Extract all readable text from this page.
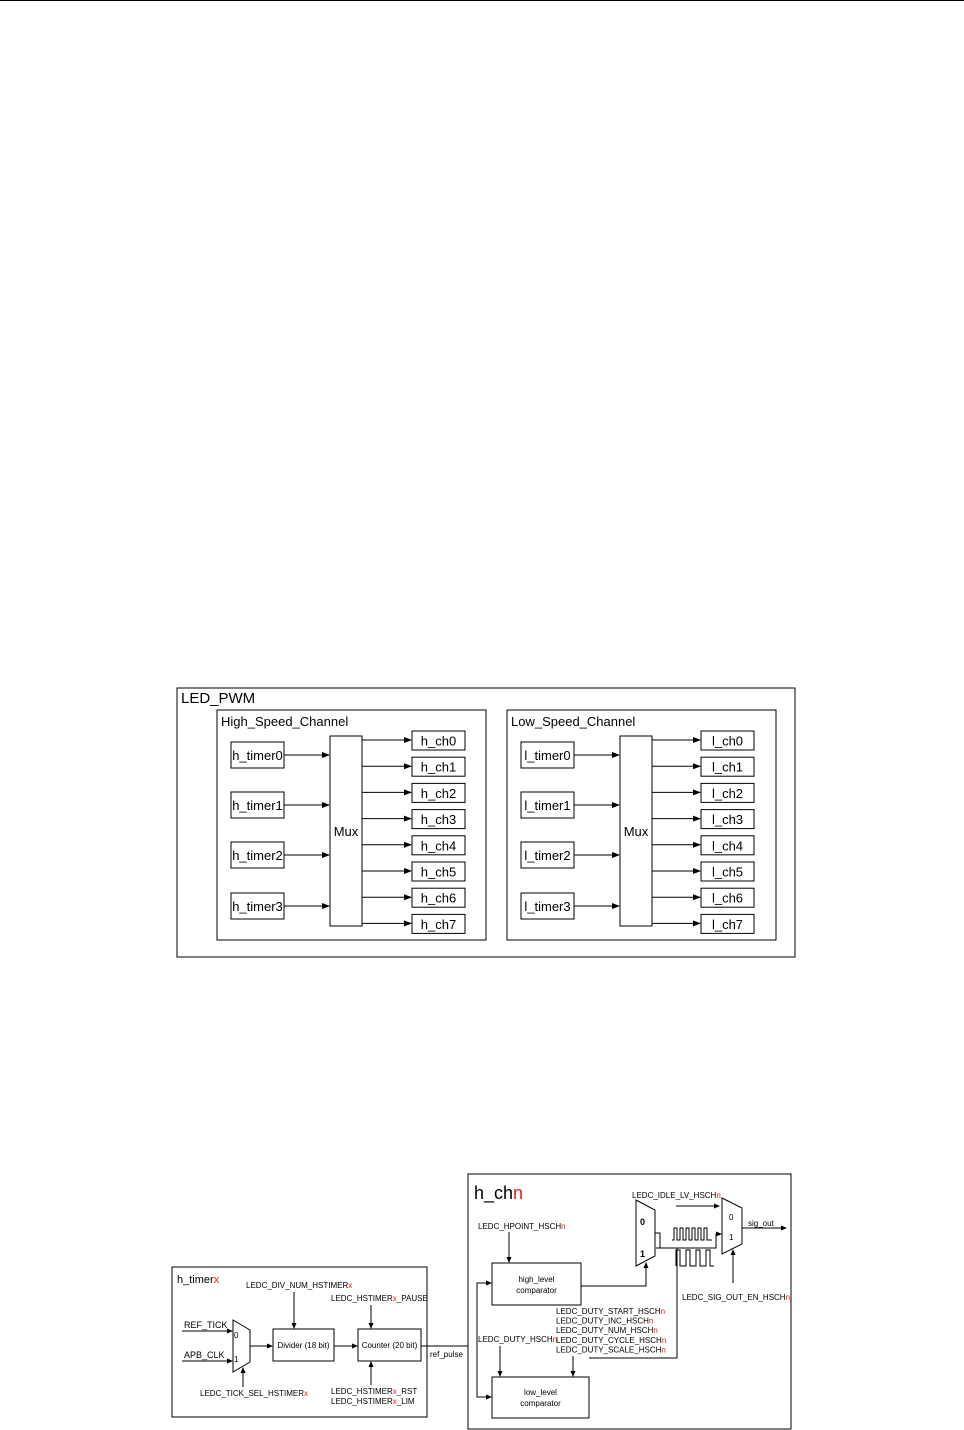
LED_PWM
High_Speed_Channel
h_timer0
h_timer1
h_timer2
h_timer3
Mux
h_ch0
h_ch1
h_ch2
h_ch3
h_ch4
h_ch5
h_ch6
h_ch7
Low_Speed_Channel
l_timer0
l_timer1
l_timer2
l_timer3
Mux
l_ch0
l_ch1
l_ch2
l_ch3
l_ch4
l_ch5
l_ch6
l_ch7
h_timerx
0
1
REF_TICK
APB_CLK
LEDC_TICK_SEL_HSTIMERx
Divider (18 bit)
LEDC_DIV_NUM_HSTIMERx
Counter (20 bit)
LEDC_HSTIMERx_PAUSE
LEDC_HSTIMERx_RST
LEDC_HSTIMERx_LIM
ref_pulse
h_chn
LEDC_HPOINT_HSCHn
high_level
comparator
low_level
comparator
LEDC_DUTY_HSCHn
LEDC_DUTY_START_HSCHn
LEDC_DUTY_INC_HSCHn
LEDC_DUTY_NUM_HSCHn
LEDC_DUTY_CYCLE_HSCHn
LEDC_DUTY_SCALE_HSCHn
0
1
LEDC_IDLE_LV_HSCHn
0
1
sig_out
LEDC_SIG_OUT_EN_HSCHn
